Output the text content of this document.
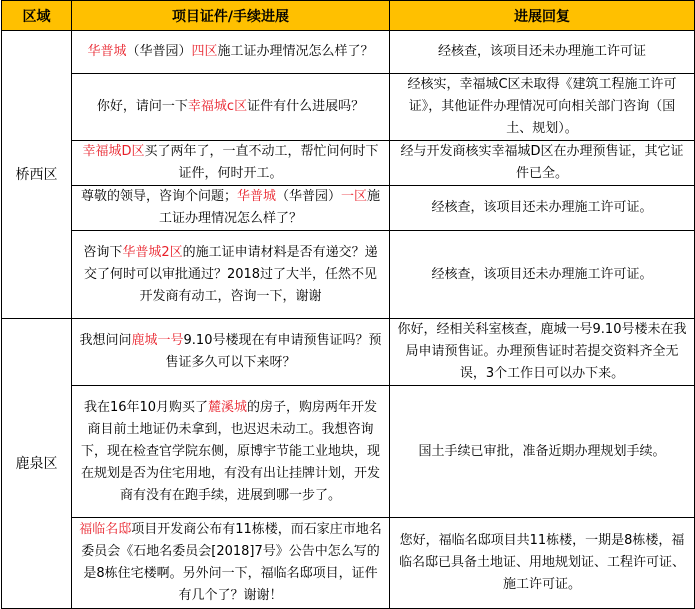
区域	项目证件/手续进展	进展回复
桥西区	华普城（华普园）四区施工证办理情况怎么样了？	经核查，该项目还未办理施工许可证
	你好，请问一下幸福城c区证件有什么进展吗？	经核实，幸福城C区未取得《建筑工程施工许可证》，其他证件办理情况可向相关部门咨询（国土、规划）。
	幸福城D区买了两年了，一直不动工，帮忙问何时下证件，何时开工。	经与开发商核实幸福城D区在办理预售证，其它证件已全。
	尊敬的领导，咨询个问题；华普城（华普园）一区施工证办理情况怎么样了？	经核查，该项目还未办理施工许可证。
	咨询下华普城2区的施工证申请材料是否有递交？递交了何时可以审批通过？2018过了大半，任然不见开发商有动工，咨询一下，谢谢	经核查，该项目还未办理施工许可证。
鹿泉区	我想问问鹿城一号9.10号楼现在有申请预售证吗？预售证多久可以下来呀？	你好，经相关科室核查，鹿城一号9.10号楼未在我局申请预售证。办理预售证时若提交资料齐全无误，3个工作日可以办下来。
	我在16年10月购买了麓溪城的房子，购房两年开发商目前土地证仍未拿到，也迟迟未动工。我想咨询下，现在检查官学院东侧，原博宇节能工业地块，现在规划是否为住宅用地，有没有出让挂牌计划，开发商有没有在跑手续，进展到哪一步了。	国土手续已审批，准备近期办理规划手续。
	福临名邸项目开发商公布有11栋楼，而石家庄市地名委员会《石地名委员会[2018]7号》公告中怎么写的是8栋住宅楼啊。另外问一下，福临名邸项目，证件有几个了？谢谢！	您好，福临名邸项目共11栋楼，一期是8栋楼，福临名邸已具备土地证、用地规划证、工程许可证、施工许可证。
